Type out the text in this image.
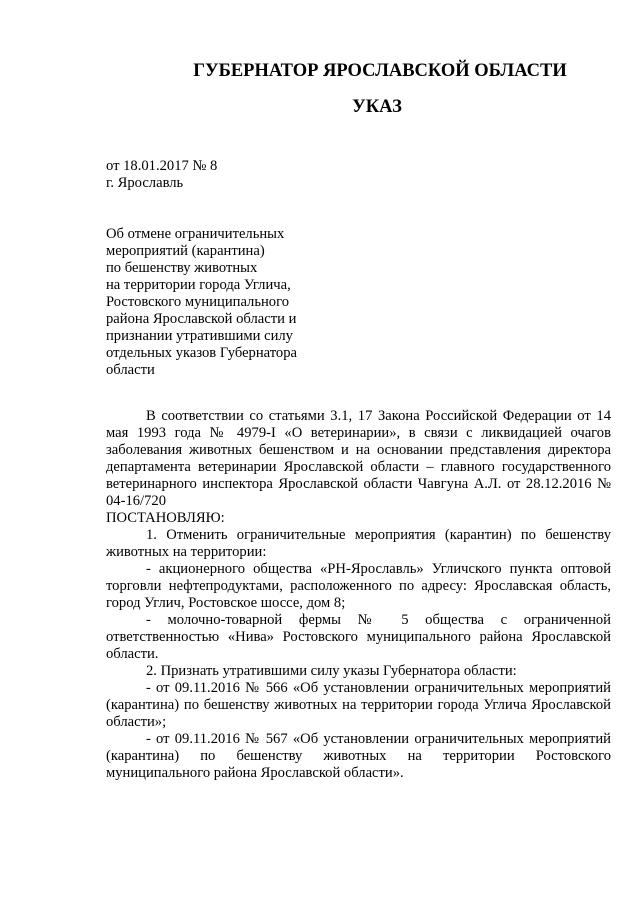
ГУБЕРНАТОР ЯРОСЛАВСКОЙ ОБЛАСТИ
УКАЗ
от 18.01.2017 № 8
г. Ярославль
Об отмене ограничительных
мероприятий (карантина)
по бешенству животных
на территории города Углича,
Ростовского муниципального
района Ярославской области и
признании утратившими силу
отдельных указов Губернатора
области

В соответствии со статьями 3.1, 17 Закона Российской Федерации от 14 мая 1993 года № 4979-I «О ветеринарии», в связи с ликвидацией очагов заболевания животных бешенством и на основании представления директора департамента ветеринарии Ярославской области – главного государственного ветеринарного инспектора Ярославской области Чавгуна А.Л. от 28.12.2016 № 04-16/720

ПОСТАНОВЛЯЮ:

1. Отменить ограничительные мероприятия (карантин) по бешенству животных на территории:

- акционерного общества «РН-Ярославль» Угличского пункта оптовой торговли нефтепродуктами, расположенного по адресу: Ярославская область, город Углич, Ростовское шоссе, дом 8;

- молочно-товарной фермы № 5 общества с ограниченной ответственностью «Нива» Ростовского муниципального района Ярославской области.

2. Признать утратившими силу указы Губернатора области:

- от 09.11.2016 № 566 «Об установлении ограничительных мероприятий (карантина) по бешенству животных на территории города Углича Ярославской области»;

- от 09.11.2016 № 567 «Об установлении ограничительных мероприятий (карантина) по бешенству животных на территории Ростовского муниципального района Ярославской области».
